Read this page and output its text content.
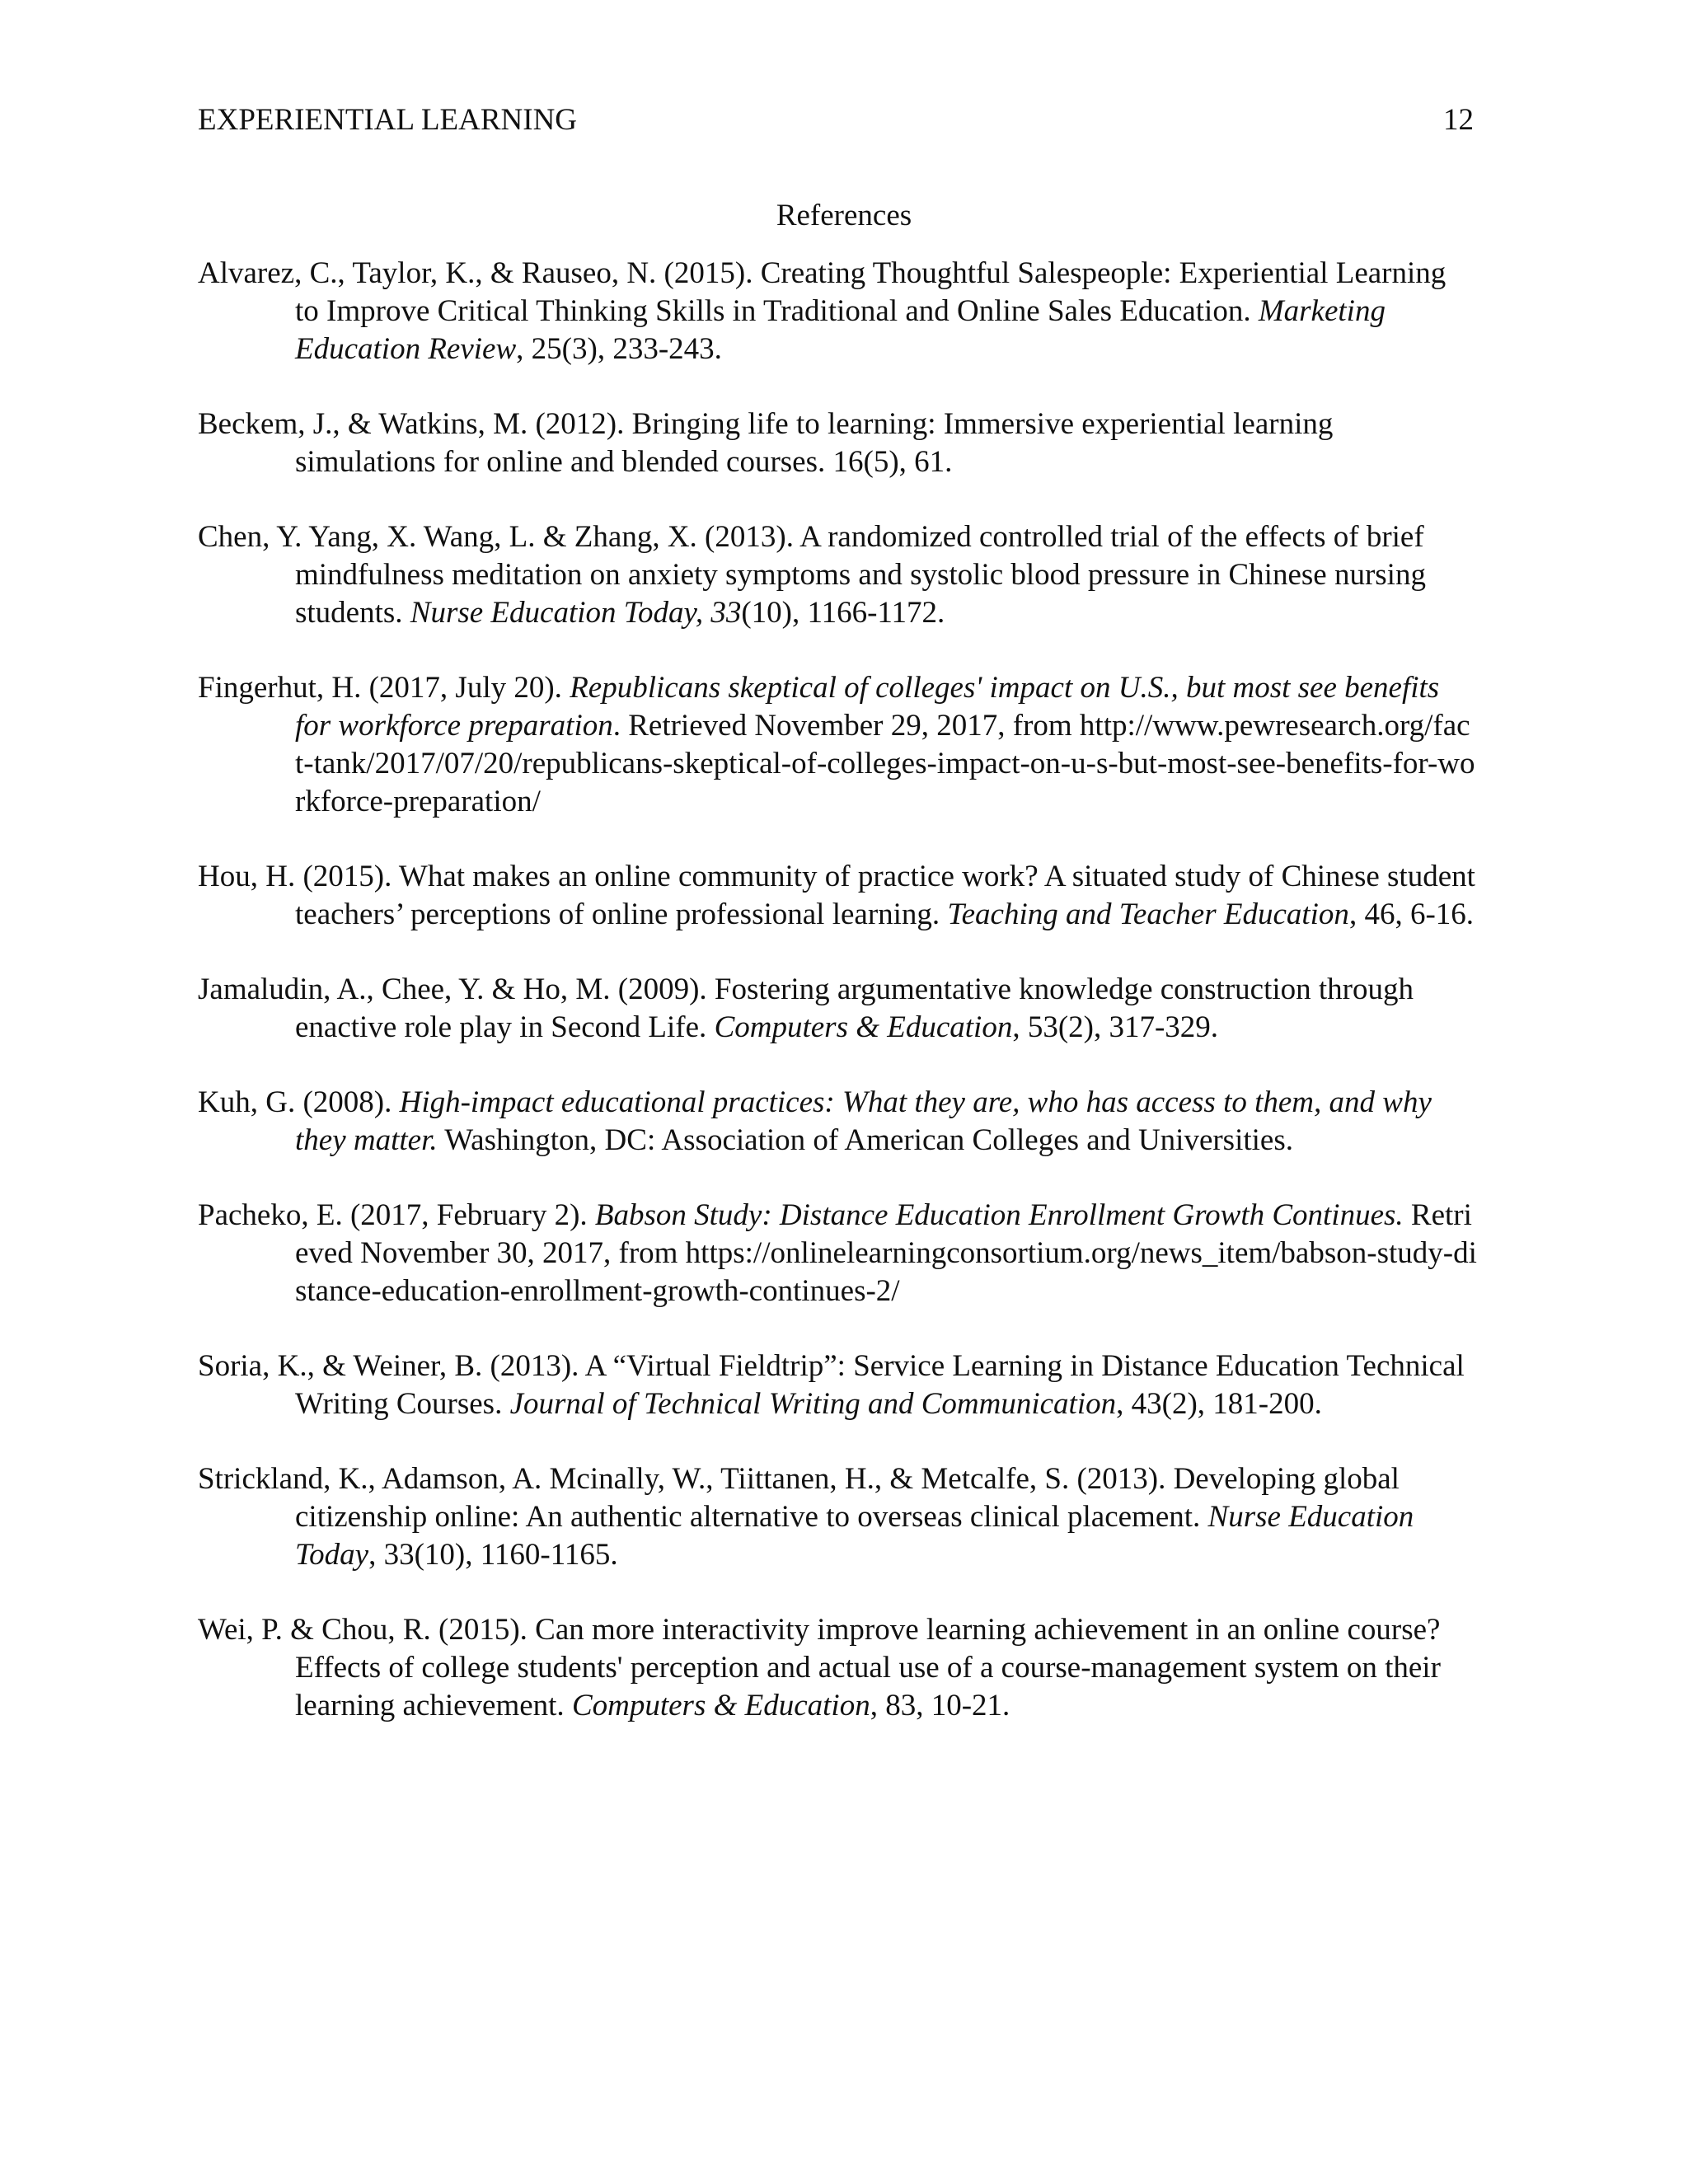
EXPERIENTIAL LEARNING	12
References
Alvarez, C., Taylor, K., & Rauseo, N. (2015). Creating Thoughtful Salespeople: Experiential Learning to Improve Critical Thinking Skills in Traditional and Online Sales Education. Marketing Education Review, 25(3), 233-243.
Beckem, J., & Watkins, M. (2012). Bringing life to learning: Immersive experiential learning simulations for online and blended courses. 16(5), 61.
Chen, Y. Yang, X. Wang, L. & Zhang, X. (2013). A randomized controlled trial of the effects of brief mindfulness meditation on anxiety symptoms and systolic blood pressure in Chinese nursing students. Nurse Education Today, 33(10), 1166-1172.
Fingerhut, H. (2017, July 20). Republicans skeptical of colleges' impact on U.S., but most see benefits for workforce preparation. Retrieved November 29, 2017, from http://www.pewresearch.org/fact-tank/2017/07/20/republicans-skeptical-of-colleges-impact-on-u-s-but-most-see-benefits-for-workforce-preparation/
Hou, H. (2015). What makes an online community of practice work? A situated study of Chinese student teachers’ perceptions of online professional learning. Teaching and Teacher Education, 46, 6-16.
Jamaludin, A., Chee, Y. & Ho, M. (2009). Fostering argumentative knowledge construction through enactive role play in Second Life. Computers & Education, 53(2), 317-329.
Kuh, G. (2008). High-impact educational practices: What they are, who has access to them, and why they matter. Washington, DC: Association of American Colleges and Universities.
Pacheko, E. (2017, February 2). Babson Study: Distance Education Enrollment Growth Continues. Retrieved November 30, 2017, from https://onlinelearningconsortium.org/news_item/babson-study-distance-education-enrollment-growth-continues-2/
Soria, K., & Weiner, B. (2013). A “Virtual Fieldtrip”: Service Learning in Distance Education Technical Writing Courses. Journal of Technical Writing and Communication, 43(2), 181-200.
Strickland, K., Adamson, A. Mcinally, W., Tiittanen, H., & Metcalfe, S. (2013). Developing global citizenship online: An authentic alternative to overseas clinical placement. Nurse Education Today, 33(10), 1160-1165.
Wei, P. & Chou, R. (2015). Can more interactivity improve learning achievement in an online course? Effects of college students' perception and actual use of a course-management system on their learning achievement. Computers & Education, 83, 10-21.
